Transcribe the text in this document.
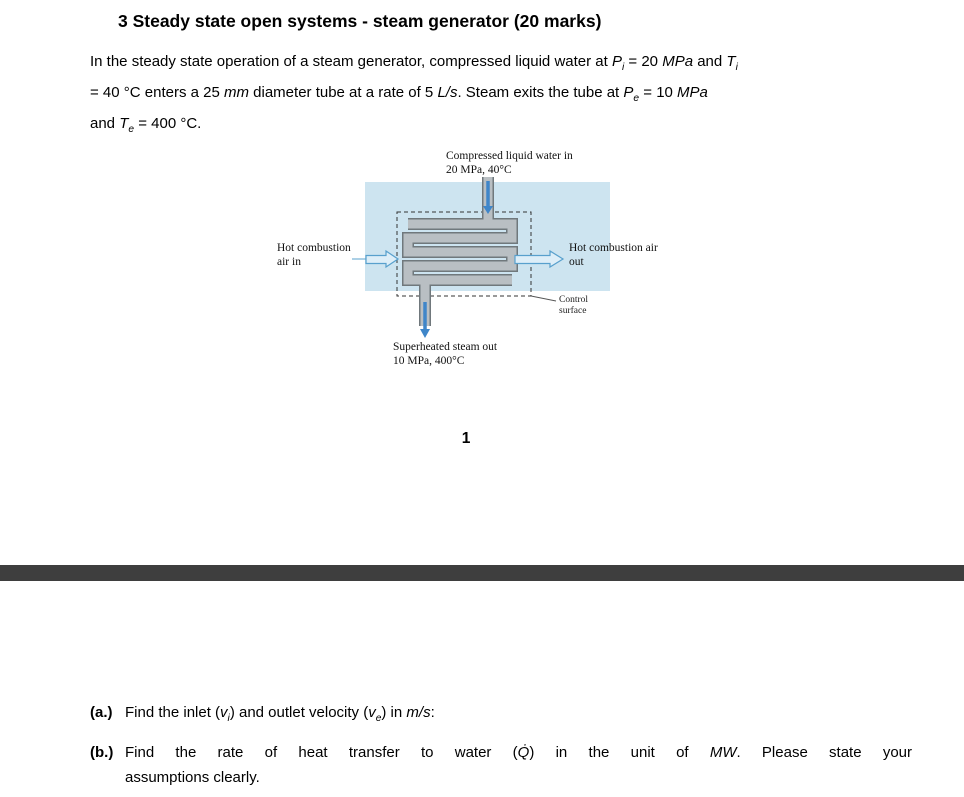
3 Steady state open systems - steam generator (20 marks)
In the steady state operation of a steam generator, compressed liquid water at $P_i = 20$ MPa and $T_i$
= 40 °C enters a 25 mm diameter tube at a rate of 5 L/s. Steam exits the tube at $P_e = 10$ MPa
and $T_e = 400$ °C.
Compressed liquid water in
20 MPa, 40°C
Hot combustion
air in
Hot combustion air
out
Control
surface
Superheated steam out
10 MPa, 400°C
1
(a.) Find the inlet $(v_i)$ and outlet velocity $(v_e)$ in m/s:
(b.) Find the rate of heat transfer to water (Q̇) in the unit of MW. Please state your
assumptions clearly.
